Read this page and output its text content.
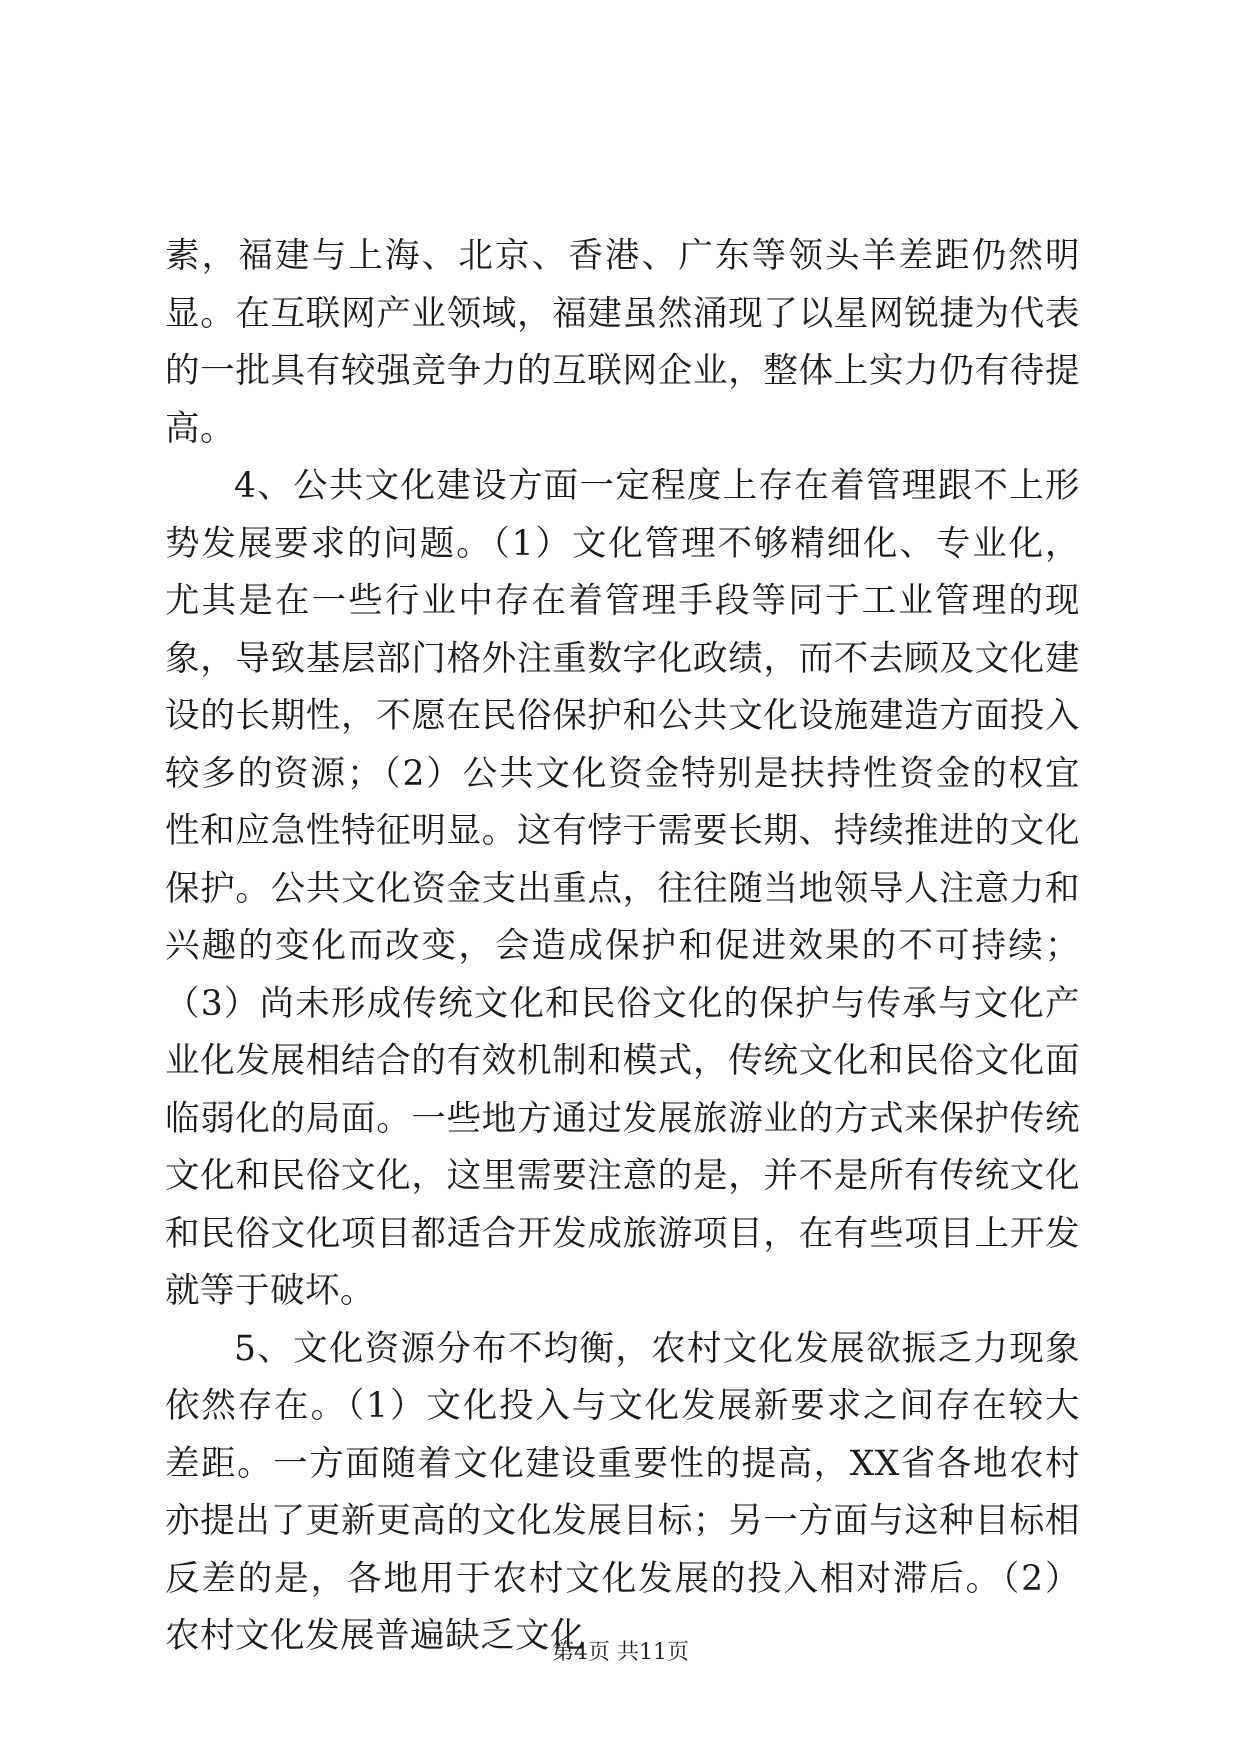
素，福建与上海、北京、香港、广东等领头羊差距仍然明显。在互联网产业领域，福建虽然涌现了以星网锐捷为代表的一批具有较强竞争力的互联网企业，整体上实力仍有待提高。

4、公共文化建设方面一定程度上存在着管理跟不上形势发展要求的问题。（1）文化管理不够精细化、专业化，尤其是在一些行业中存在着管理手段等同于工业管理的现象，导致基层部门格外注重数字化政绩，而不去顾及文化建设的长期性，不愿在民俗保护和公共文化设施建造方面投入较多的资源；（2）公共文化资金特别是扶持性资金的权宜性和应急性特征明显。这有悖于需要长期、持续推进的文化保护。公共文化资金支出重点，往往随当地领导人注意力和兴趣的变化而改变，会造成保护和促进效果的不可持续；（3）尚未形成传统文化和民俗文化的保护与传承与文化产业化发展相结合的有效机制和模式，传统文化和民俗文化面临弱化的局面。一些地方通过发展旅游业的方式来保护传统文化和民俗文化，这里需要注意的是，并不是所有传统文化和民俗文化项目都适合开发成旅游项目，在有些项目上开发就等于破坏。

5、文化资源分布不均衡，农村文化发展欲振乏力现象依然存在。（1）文化投入与文化发展新要求之间存在较大差距。一方面随着文化建设重要性的提高，XX省各地农村亦提出了更新更高的文化发展目标；另一方面与这种目标相反差的是，各地用于农村文化发展的投入相对滞后。（2）农村文化发展普遍缺乏文化

第4页 共11页
